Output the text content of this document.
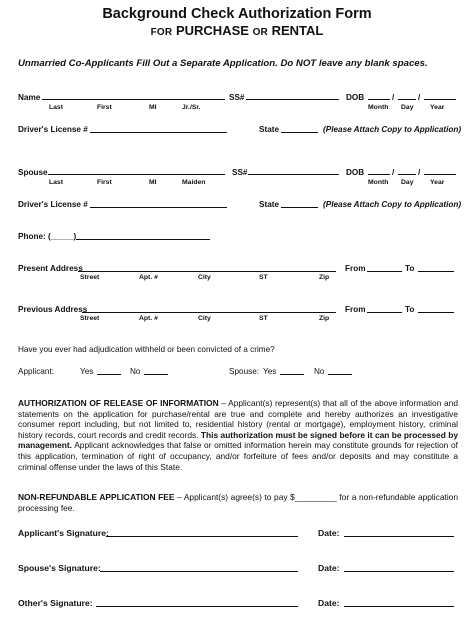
Background Check Authorization Form
FOR PURCHASE OR RENTAL
Unmarried Co-Applicants Fill Out a Separate Application. Do NOT leave any blank spaces.
Name	SS#	DOB	/	/
Last	First	MI	Jr./Sr.	Month Day Year
Driver's License #	State	(Please Attach Copy to Application)
Spouse	SS#	DOB	/	/
Last	First	MI	Maiden	Month Day Year
Driver's License #	State	(Please Attach Copy to Application)
Phone: (_____)
Present Address	From	To
Street	Apt. #	City	ST	Zip
Previous Address	From	To
Street	Apt. #	City	ST	Zip
Have you ever had adjudication withheld or been convicted of a crime?
Applicant:	Yes	No	Spouse: Yes	No
AUTHORIZATION OF RELEASE OF INFORMATION – Applicant(s) represent(s) that all of the above information and statements on the application for purchase/rental are true and complete and hereby authorizes an investigative consumer report including, but not limited to, residential history (rental or mortgage), employment history, criminal history records, court records and credit records. This authorization must be signed before it can be processed by management. Applicant acknowledges that false or omitted information herein may constitute grounds for rejection of this application, termination of right of occupancy, and/or forfeiture of fees and/or deposits and may constitute a criminal offense under the laws of this State.
NON-REFUNDABLE APPLICATION FEE – Applicant(s) agree(s) to pay $_________ for a non-refundable application processing fee.
Applicant's Signature:	Date:
Spouse's Signature:	Date:
Other's Signature:	Date:
